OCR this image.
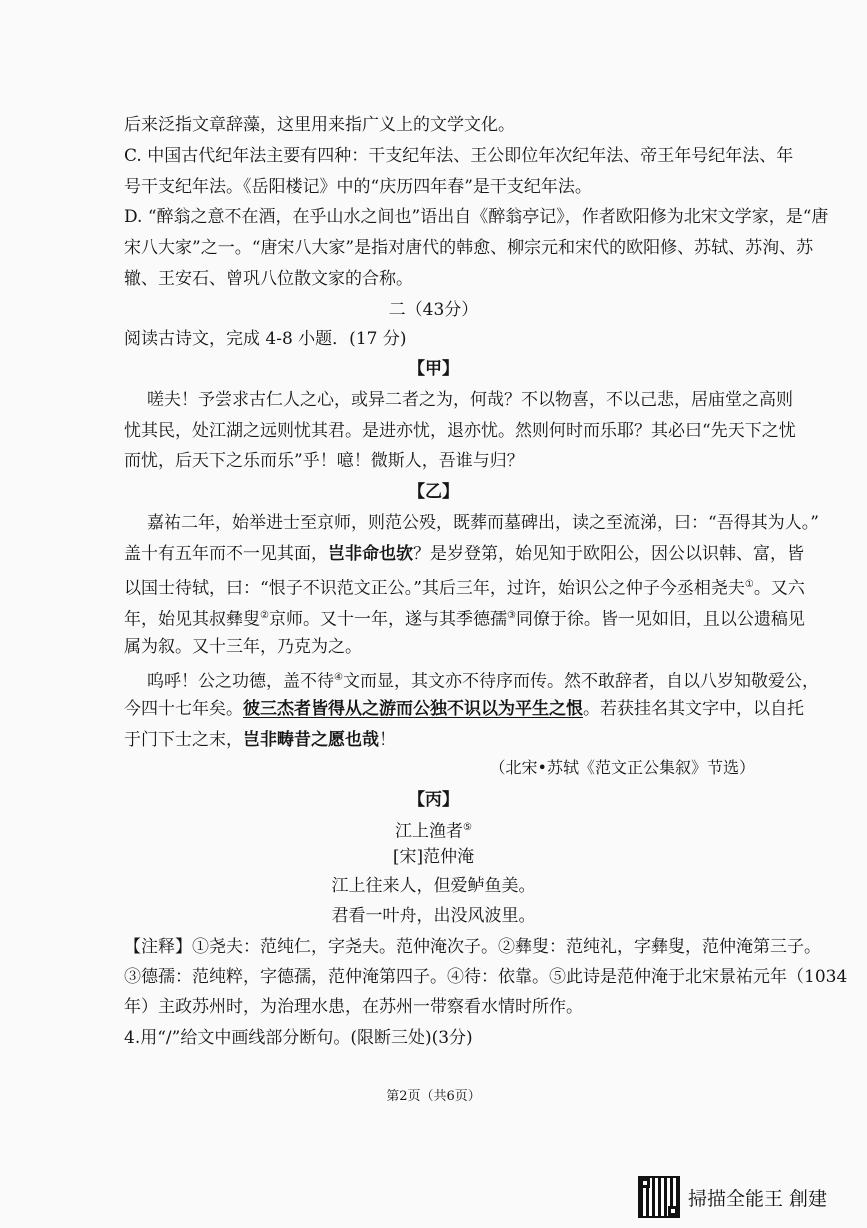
后来泛指文章辞藻，这里用来指广义上的文学文化。
C. 中国古代纪年法主要有四种：干支纪年法、王公即位年次纪年法、帝王年号纪年法、年
号干支纪年法。《岳阳楼记》中的“庆历四年春”是干支纪年法。
D. “醉翁之意不在酒，在乎山水之间也”语出自《醉翁亭记》，作者欧阳修为北宋文学家，是“唐
宋八大家”之一。“唐宋八大家”是指对唐代的韩愈、柳宗元和宋代的欧阳修、苏轼、苏洵、苏
辙、王安石、曾巩八位散文家的合称。
二（43分）
阅读古诗文，完成 4-8 小题．(17 分)
【甲】
嗟夫！予尝求古仁人之心，或异二者之为，何哉？不以物喜，不以己悲，居庙堂之高则
忧其民，处江湖之远则忧其君。是进亦忧，退亦忧。然则何时而乐耶？其必曰“先天下之忧
而忧，后天下之乐而乐”乎！噫！微斯人，吾谁与归？
【乙】
嘉祐二年，始举进士至京师，则范公殁，既葬而墓碑出，读之至流涕，曰：“吾得其为人。”
盖十有五年而不一见其面，岂非命也欤？是岁登第，始见知于欧阳公，因公以识韩、富，皆
以国士待轼，曰：“恨子不识范文正公。”其后三年，过许，始识公之仲子今丞相尧夫①。又六
年，始见其叔彝叟②京师。又十一年，遂与其季德孺③同僚于徐。皆一见如旧，且以公遗稿见
属为叙。又十三年，乃克为之。
呜呼！公之功德，盖不待④文而显，其文亦不待序而传。然不敢辞者，自以八岁知敬爱公，
今四十七年矣。彼三杰者皆得从之游而公独不识以为平生之恨。若获挂名其文字中，以自托
于门下士之末，岂非畴昔之愿也哉！
（北宋•苏轼《范文正公集叙》节选）
【丙】
江上渔者⑤
[宋]范仲淹
江上往来人，但爱鲈鱼美。
君看一叶舟，出没风波里。
【注释】①尧夫：范纯仁，字尧夫。范仲淹次子。②彝叟：范纯礼，字彝叟，范仲淹第三子。
③德孺：范纯粹，字德孺，范仲淹第四子。④待：依靠。⑤此诗是范仲淹于北宋景祐元年（1034
年）主政苏州时，为治理水患，在苏州一带察看水情时所作。
4.用“/”给文中画线部分断句。(限断三处)(3分)
第2页（共6页）
掃描全能王 創建
